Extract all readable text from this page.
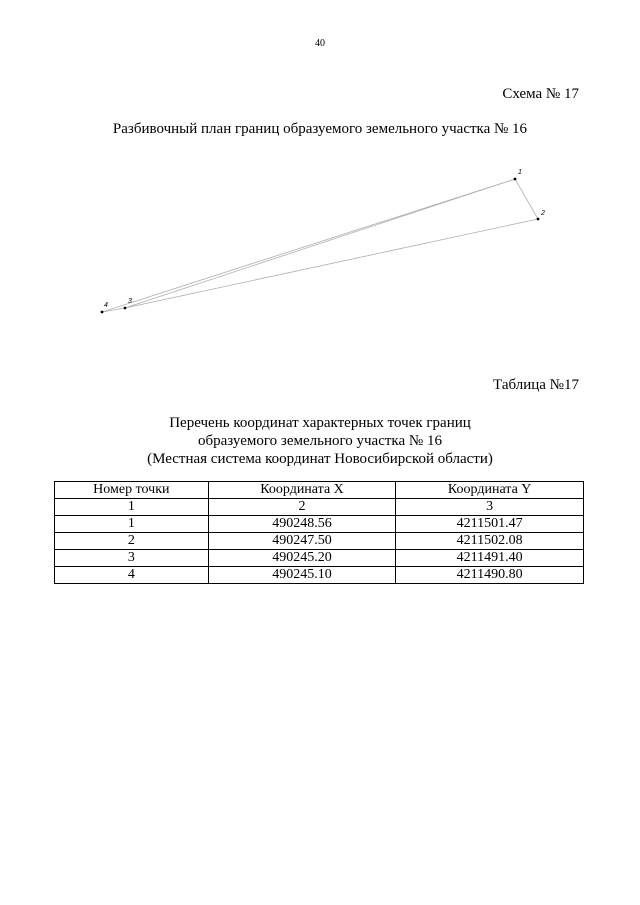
40
Схема № 17
Разбивочный план границ образуемого земельного участка № 16
1
2
3
4
Таблица №17
Перечень координат характерных точек границ
образуемого земельного участка № 16
(Местная система координат Новосибирской области)
Номер точки	Координата X	Координата Y
1	2	3
1	490248.56	4211501.47
2	490247.50	4211502.08
3	490245.20	4211491.40
4	490245.10	4211490.80
